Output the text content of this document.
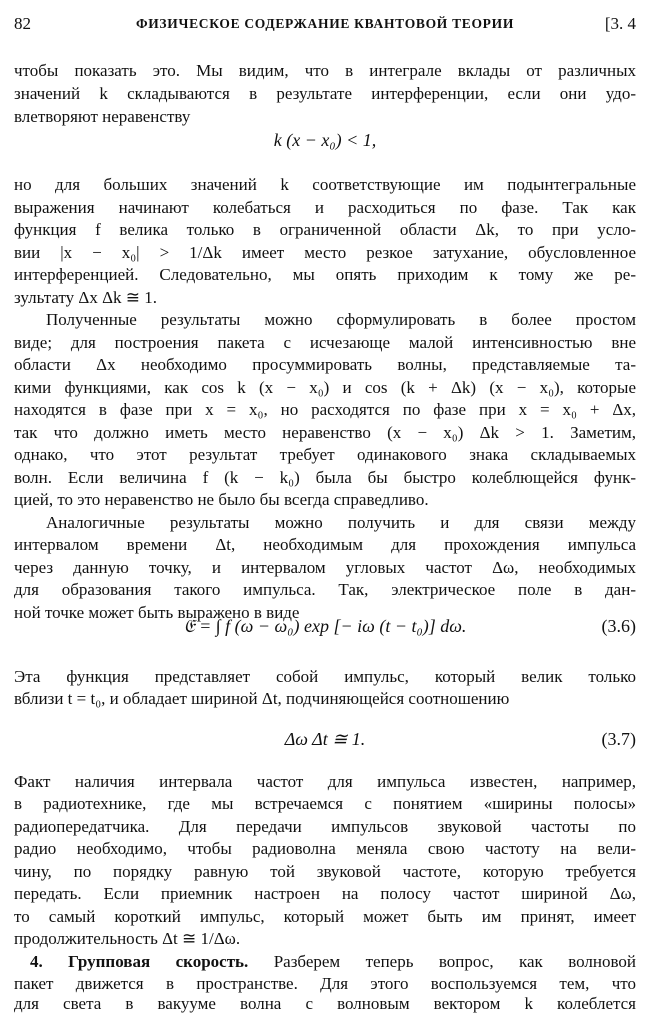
82	ФИЗИЧЕСКОЕ СОДЕРЖАНИЕ КВАНТОВОЙ ТЕОРИИ	[3. 4
чтобы показать это. Мы видим, что в интеграле вклады от различных
значений k складываются в результате интерференции, если они удо-
влетворяют неравенству
k (x − x₀) < 1,
но для больших значений k соответствующие им подынтегральные
выражения начинают колебаться и расходиться по фазе. Так как
функция f велика только в ограниченной области Δk, то при усло-
вии |x − x₀| > 1/Δk имеет место резкое затухание, обусловленное
интерференцией. Следовательно, мы опять приходим к тому же ре-
зультату Δx Δk ≅ 1.
Полученные результаты можно сформулировать в более простом
виде; для построения пакета с исчезающе малой интенсивностью вне
области Δx необходимо просуммировать волны, представляемые та-
кими функциями, как cos k (x − x₀) и cos (k + Δk) (x − x₀), которые
находятся в фазе при x = x₀, но расходятся по фазе при x = x₀ + Δx,
так что должно иметь место неравенство (x − x₀) Δk > 1. Заметим,
однако, что этот результат требует одинакового знака складываемых
волн. Если величина f (k − k₀) была бы быстро колеблющейся функ-
цией, то это неравенство не было бы всегда справедливо.
Аналогичные результаты можно получить и для связи между
интервалом времени Δt, необходимым для прохождения импульса
через данную точку, и интервалом угловых частот Δω, необходимых
для образования такого импульса. Так, электрическое поле в дан-
ной точке может быть выражено в виде
𝔈 = ∫ f (ω − ω₀) exp [− iω (t − t₀)] dω.	(3.6)
Эта функция представляет собой импульс, который велик только
вблизи t = t₀, и обладает шириной Δt, подчиняющейся соотношению
Δω Δt ≅ 1.	(3.7)
Факт наличия интервала частот для импульса известен, например,
в радиотехнике, где мы встречаемся с понятием «ширины полосы»
радиопередатчика. Для передачи импульсов звуковой частоты по
радио необходимо, чтобы радиоволна меняла свою частоту на вели-
чину, по порядку равную той звуковой частоте, которую требуется
передать. Если приемник настроен на полосу частот шириной Δω,
то самый короткий импульс, который может быть им принят, имеет
продолжительность Δt ≅ 1/Δω.
4. Групповая скорость. Разберем теперь вопрос, как волновой
пакет движется в пространстве. Для этого воспользуемся тем, что
для света в вакууме волна с волновым вектором k колеблется
